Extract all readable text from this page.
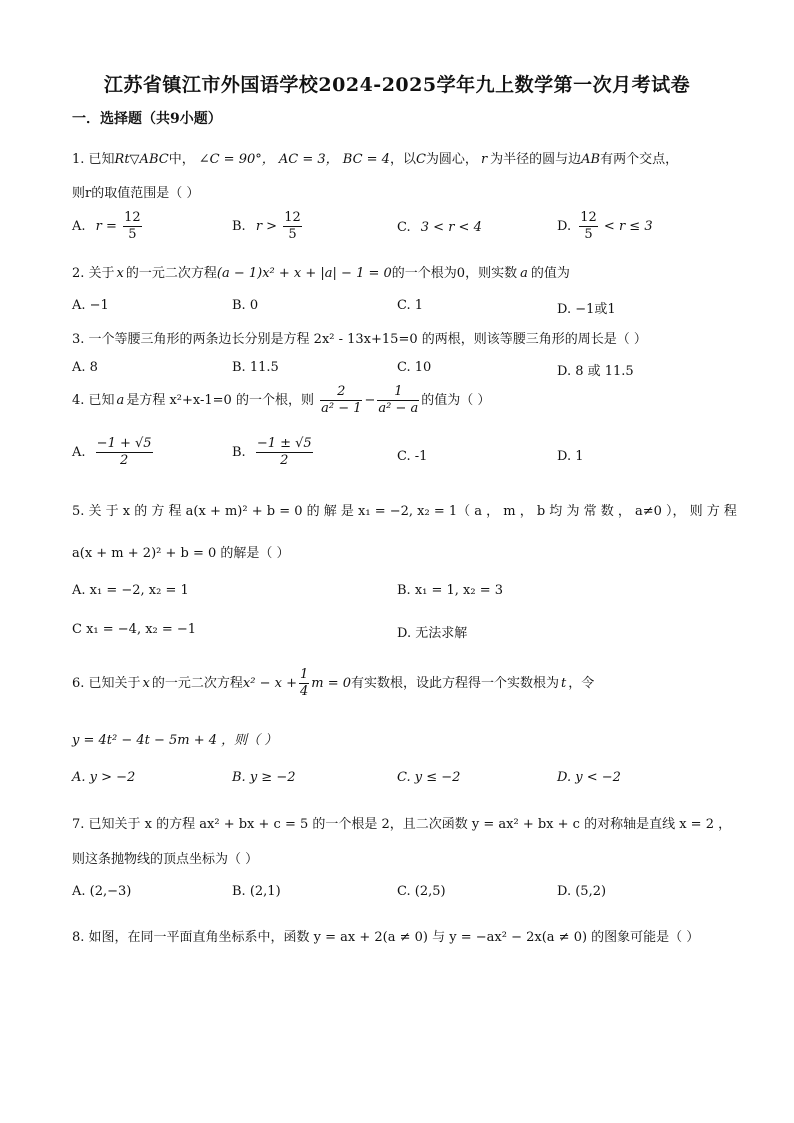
江苏省镇江市外国语学校2024-2025学年九上数学第一次月考试卷
一．选择题（共9小题）
1. 已知Rt▽ABC中， ∠C = 90°， AC = 3， BC = 4，以C为圆心， r 为半径的圆与边AB有两个交点，
则r的取值范围是（ ）
A. $r = \frac{12}{5}$	B. $r > \frac{12}{5}$	C. 3 < r < 4	D. $\frac{12}{5} < r \le 3$
2. 关于 x 的一元二次方程(a − 1)x² + x + |a| − 1 = 0的一个根为0，则实数 a 的值为
A. −1	B. 0	C. 1	D. −1或1
3. 一个等腰三角形的两条边长分别是方程 2x² - 13x+15=0 的两根，则该等腰三角形的周长是（ ）
A. 8	B. 11.5	C. 10	D. 8 或 11.5
4. 已知 a 是方程 x²+x-1=0 的一个根，则 $\frac{2}{\text{a² − 1}} - \frac{1}{\text{a² − a}}$ 的值为（ ）
A. $\frac{-1 + √5}{2}$	B. $\frac{-1 \pm √5}{2}$	C. -1	D. 1
5. 关 于 x 的 方 程 a(x + m)² + b = 0 的 解 是 x₁ = −2, x₂ = 1（ a ， m ， b 均 为 常 数 ， a≠0 ）， 则 方 程
a(x + m + 2)² + b = 0 的解是（ ）
A. x₁ = −2, x₂ = 1	B. x₁ = 1, x₂ = 3
C x₁ = −4, x₂ = −1	D. 无法求解
6. 已知关于 x 的一元二次方程$x^2 - x + \frac{1}{4}$ m = 0有实数根，设此方程得一个实数根为 t ，令
y = 4t² − 4t − 5m + 4 ，则（ ）
A. y > −2	B. y ≥ −2	C. y ≤ −2	D. y < −2
7. 已知关于 x 的方程 ax² + bx + c = 5 的一个根是 2，且二次函数 y = ax² + bx + c 的对称轴是直线 x = 2 ，
则这条抛物线的顶点坐标为（ ）
A. (2,−3)	B. (2,1)	C. (2,5)	D. (5,2)
8. 如图，在同一平面直角坐标系中，函数 y = ax + 2(a ≠ 0) 与 y = −ax² − 2x(a ≠ 0) 的图象可能是（ ）
